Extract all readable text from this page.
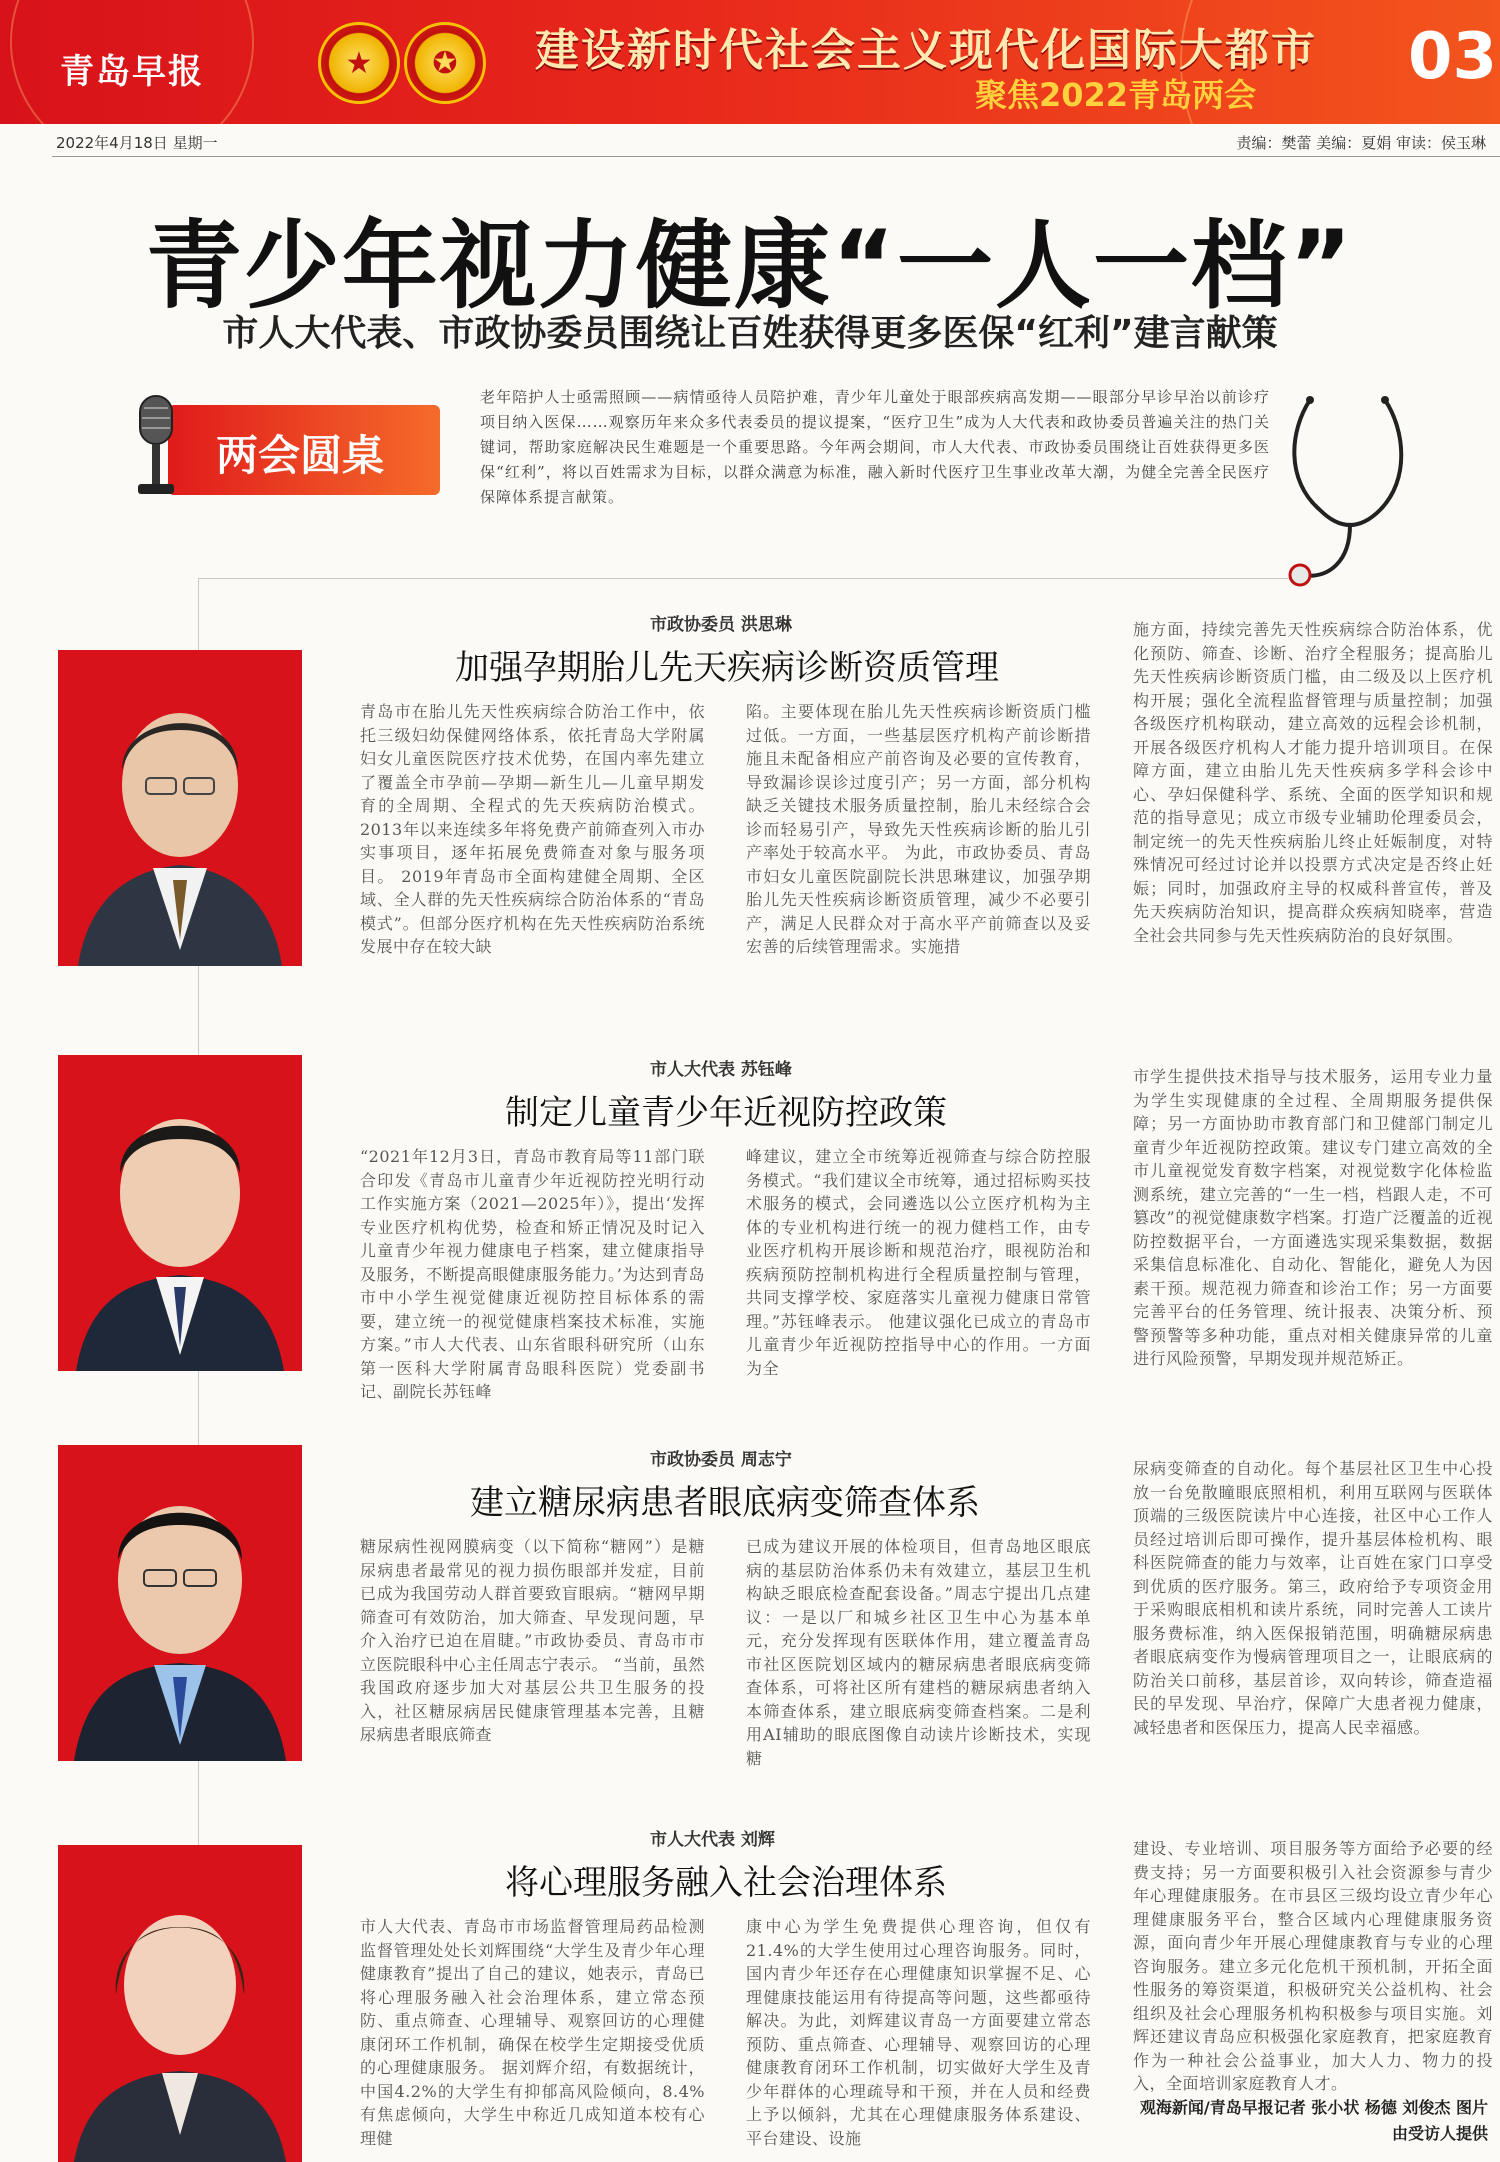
青岛早报	★	✪	建设新时代社会主义现代化国际大都市
聚焦2022青岛两会
03
2022年4月18日 星期一	责编：樊蕾 美编：夏娟 审读：侯玉琳
青少年视力健康“一人一档”
市人大代表、市政协委员围绕让百姓获得更多医保“红利”建言献策
两会圆桌
老年陪护人士亟需照顾——病情亟待人员陪护难，青少年儿童处于眼部疾病高发期——眼部分早诊早治以前诊疗项目纳入医保……观察历年来众多代表委员的提议提案，“医疗卫生”成为人大代表和政协委员普遍关注的热门关键词，帮助家庭解决民生难题是一个重要思路。今年两会期间，市人大代表、市政协委员围绕让百姓获得更多医保“红利”，将以百姓需求为目标，以群众满意为标准，融入新时代医疗卫生事业改革大潮，为健全完善全民医疗保障体系提言献策。
市政协委员 洪思琳
加强孕期胎儿先天疾病诊断资质管理
青岛市在胎儿先天性疾病综合防治工作中，依托三级妇幼保健网络体系，依托青岛大学附属妇女儿童医院医疗技术优势，在国内率先建立了覆盖全市孕前—孕期—新生儿—儿童早期发育的全周期、全程式的先天疾病防治模式。2013年以来连续多年将免费产前筛查列入市办实事项目，逐年拓展免费筛查对象与服务项目。 2019年青岛市全面构建健全周期、全区域、全人群的先天性疾病综合防治体系的“青岛模式”。但部分医疗机构在先天性疾病防治系统发展中存在较大缺
陷。主要体现在胎儿先天性疾病诊断资质门槛过低。一方面，一些基层医疗机构产前诊断措施且未配备相应产前咨询及必要的宣传教育，导致漏诊误诊过度引产；另一方面，部分机构缺乏关键技术服务质量控制，胎儿未经综合会诊而轻易引产，导致先天性疾病诊断的胎儿引产率处于较高水平。 为此，市政协委员、青岛市妇女儿童医院副院长洪思琳建议，加强孕期胎儿先天性疾病诊断资质管理，减少不必要引产，满足人民群众对于高水平产前筛查以及妥宏善的后续管理需求。实施措
施方面，持续完善先天性疾病综合防治体系，优化预防、筛查、诊断、治疗全程服务；提高胎儿先天性疾病诊断资质门槛，由二级及以上医疗机构开展；强化全流程监督管理与质量控制；加强各级医疗机构联动，建立高效的远程会诊机制，开展各级医疗机构人才能力提升培训项目。在保障方面，建立由胎儿先天性疾病多学科会诊中心、孕妇保健科学、系统、全面的医学知识和规范的指导意见；成立市级专业辅助伦理委员会，制定统一的先天性疾病胎儿终止妊娠制度，对特殊情况可经过讨论并以投票方式决定是否终止妊娠；同时，加强政府主导的权威科普宣传，普及先天疾病防治知识，提高群众疾病知晓率，营造全社会共同参与先天性疾病防治的良好氛围。
市人大代表 苏钰峰
制定儿童青少年近视防控政策
“2021年12月3日，青岛市教育局等11部门联合印发《青岛市儿童青少年近视防控光明行动工作实施方案（2021—2025年）》，提出‘发挥专业医疗机构优势，检查和矫正情况及时记入儿童青少年视力健康电子档案，建立健康指导及服务，不断提高眼健康服务能力。’为达到青岛市中小学生视觉健康近视防控目标体系的需要，建立统一的视觉健康档案技术标准，实施方案。”市人大代表、山东省眼科研究所（山东第一医科大学附属青岛眼科医院）党委副书记、副院长苏钰峰
峰建议，建立全市统筹近视筛查与综合防控服务模式。“我们建议全市统筹，通过招标购买技术服务的模式，会同遴选以公立医疗机构为主体的专业机构进行统一的视力健档工作，由专业医疗机构开展诊断和规范治疗，眼视防治和疾病预防控制机构进行全程质量控制与管理，共同支撑学校、家庭落实儿童视力健康日常管理。”苏钰峰表示。 他建议强化已成立的青岛市儿童青少年近视防控指导中心的作用。一方面为全
市学生提供技术指导与技术服务，运用专业力量为学生实现健康的全过程、全周期服务提供保障；另一方面协助市教育部门和卫健部门制定儿童青少年近视防控政策。建议专门建立高效的全市儿童视觉发育数字档案，对视觉数字化体检监测系统，建立完善的“一生一档，档跟人走，不可篡改”的视觉健康数字档案。打造广泛覆盖的近视防控数据平台，一方面遴选实现采集数据，数据采集信息标准化、自动化、智能化，避免人为因素干预。规范视力筛查和诊治工作；另一方面要完善平台的任务管理、统计报表、决策分析、预警预警等多种功能，重点对相关健康异常的儿童进行风险预警，早期发现并规范矫正。
市政协委员 周志宁
建立糖尿病患者眼底病变筛查体系
糖尿病性视网膜病变（以下简称“糖网”）是糖尿病患者最常见的视力损伤眼部并发症，目前已成为我国劳动人群首要致盲眼病。“糖网早期筛查可有效防治，加大筛查、早发现问题，早介入治疗已迫在眉睫。”市政协委员、青岛市市立医院眼科中心主任周志宁表示。 “当前，虽然我国政府逐步加大对基层公共卫生服务的投入，社区糖尿病居民健康管理基本完善，且糖尿病患者眼底筛查
已成为建议开展的体检项目，但青岛地区眼底病的基层防治体系仍未有效建立，基层卫生机构缺乏眼底检查配套设备。”周志宁提出几点建议：一是以厂和城乡社区卫生中心为基本单元，充分发挥现有医联体作用，建立覆盖青岛市社区医院划区域内的糖尿病患者眼底病变筛查体系，可将社区所有建档的糖尿病患者纳入本筛查体系，建立眼底病变筛查档案。二是利用AI辅助的眼底图像自动读片诊断技术，实现糖
尿病变筛查的自动化。每个基层社区卫生中心投放一台免散瞳眼底照相机，利用互联网与医联体顶端的三级医院读片中心连接，社区中心工作人员经过培训后即可操作，提升基层体检机构、眼科医院筛查的能力与效率，让百姓在家门口享受到优质的医疗服务。第三，政府给予专项资金用于采购眼底相机和读片系统，同时完善人工读片服务费标准，纳入医保报销范围，明确糖尿病患者眼底病变作为慢病管理项目之一，让眼底病的防治关口前移，基层首诊，双向转诊，筛查造福民的早发现、早治疗，保障广大患者视力健康，减轻患者和医保压力，提高人民幸福感。
市人大代表 刘辉
将心理服务融入社会治理体系
市人大代表、青岛市市场监督管理局药品检测监督管理处处长刘辉围绕“大学生及青少年心理健康教育”提出了自己的建议，她表示，青岛已将心理服务融入社会治理体系，建立常态预防、重点筛查、心理辅导、观察回访的心理健康闭环工作机制，确保在校学生定期接受优质的心理健康服务。 据刘辉介绍，有数据统计，中国4.2%的大学生有抑郁高风险倾向，8.4%有焦虑倾向，大学生中称近几成知道本校有心理健
康中心为学生免费提供心理咨询，但仅有21.4%的大学生使用过心理咨询服务。同时，国内青少年还存在心理健康知识掌握不足、心理健康技能运用有待提高等问题，这些都亟待解决。为此，刘辉建议青岛一方面要建立常态预防、重点筛查、心理辅导、观察回访的心理健康教育闭环工作机制，切实做好大学生及青少年群体的心理疏导和干预，并在人员和经费上予以倾斜，尤其在心理健康服务体系建设、平台建设、设施
建设、专业培训、项目服务等方面给予必要的经费支持；另一方面要积极引入社会资源参与青少年心理健康服务。在市县区三级均设立青少年心理健康服务平台，整合区域内心理健康服务资源，面向青少年开展心理健康教育与专业的心理咨询服务。建立多元化危机干预机制，开拓全面性服务的筹资渠道，积极研究关公益机构、社会组织及社会心理服务机构积极参与项目实施。刘辉还建议青岛应积极强化家庭教育，把家庭教育作为一种社会公益事业，加大人力、物力的投入，全面培训家庭教育人才。
观海新闻/青岛早报记者 张小状 杨德 刘俊杰 图片由受访人提供
